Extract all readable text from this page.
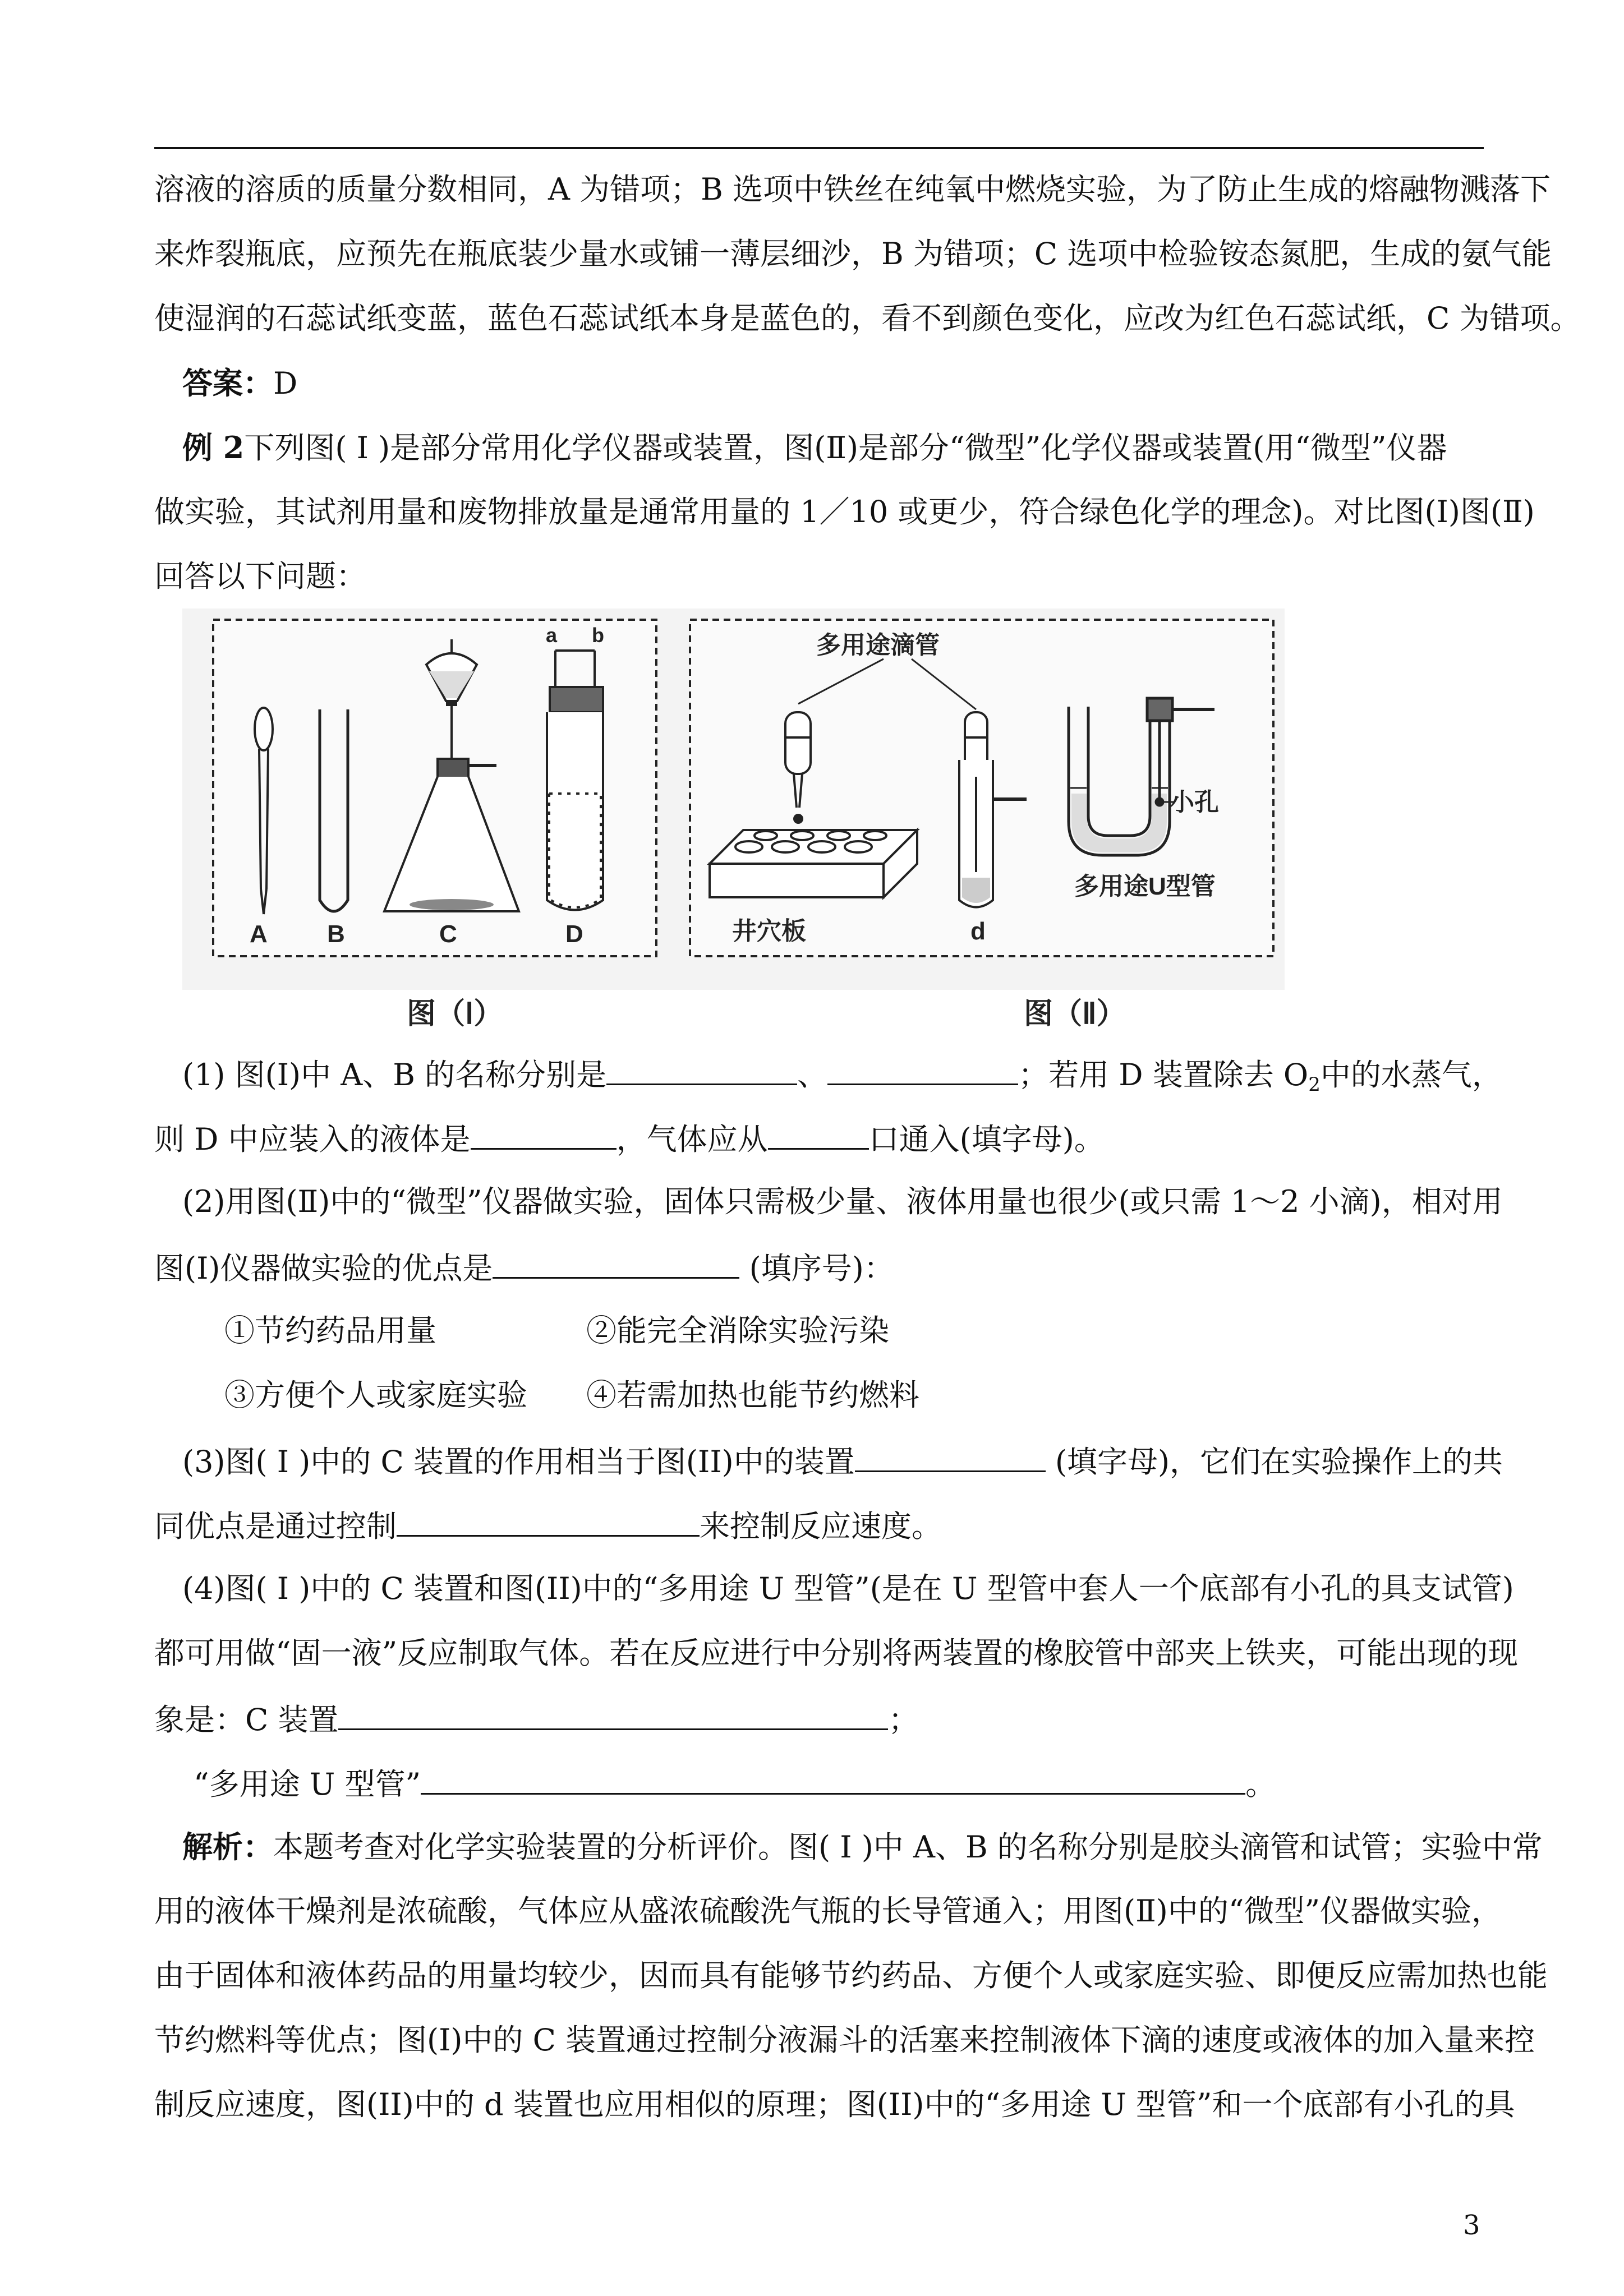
溶液的溶质的质量分数相同，A 为错项；B 选项中铁丝在纯氧中燃烧实验，为了防止生成的熔融物溅落下
来炸裂瓶底，应预先在瓶底装少量水或铺一薄层细沙，B 为错项；C 选项中检验铵态氮肥，生成的氨气能
使湿润的石蕊试纸变蓝，蓝色石蕊试纸本身是蓝色的，看不到颜色变化，应改为红色石蕊试纸，C 为错项。
答案：D
例 2下列图( Ⅰ )是部分常用化学仪器或装置，图(Ⅱ)是部分“微型”化学仪器或装置(用“微型”仪器
做实验，其试剂用量和废物排放量是通常用量的 1／10 或更少，符合绿色化学的理念)。对比图(I)图(Ⅱ)
回答以下问题：
A B	C
a b
D
多用途滴管
井穴板	d
小孔
多用途U型管
图（Ⅰ）	图（Ⅱ）
(1) 图(Ⅰ)中 A、B 的名称分别是	、	；若用 D 装置除去 $O_2$中的水蒸气，
则 D 中应装入的液体是	，气体应从	口通入(填字母)。
(2)用图(Ⅱ)中的“微型”仪器做实验，固体只需极少量、液体用量也很少(或只需 1～2 小滴)，相对用
图(I)仪器做实验的优点是	(填序号)：
①节约药品用量	②能完全消除实验污染
③方便个人或家庭实验 ④若需加热也能节约燃料
(3)图( Ⅰ )中的 C 装置的作用相当于图(II)中的装置	(填字母)，它们在实验操作上的共
同优点是通过控制	来控制反应速度。
(4)图( Ⅰ )中的 C 装置和图(II)中的“多用途 U 型管”(是在 U 型管中套人一个底部有小孔的具支试管)
都可用做“固一液”反应制取气体。若在反应进行中分别将两装置的橡胶管中部夹上铁夹，可能出现的现
象是：C 装置	；
“多用途 U 型管”	。
解析：本题考查对化学实验装置的分析评价。图( Ⅰ )中 A、B 的名称分别是胶头滴管和试管；实验中常
用的液体干燥剂是浓硫酸，气体应从盛浓硫酸洗气瓶的长导管通入；用图(Ⅱ)中的“微型”仪器做实验，
由于固体和液体药品的用量均较少，因而具有能够节约药品、方便个人或家庭实验、即便反应需加热也能
节约燃料等优点；图(I)中的 C 装置通过控制分液漏斗的活塞来控制液体下滴的速度或液体的加入量来控
制反应速度，图(II)中的 d 装置也应用相似的原理；图(II)中的“多用途 U 型管”和一个底部有小孔的具
3
